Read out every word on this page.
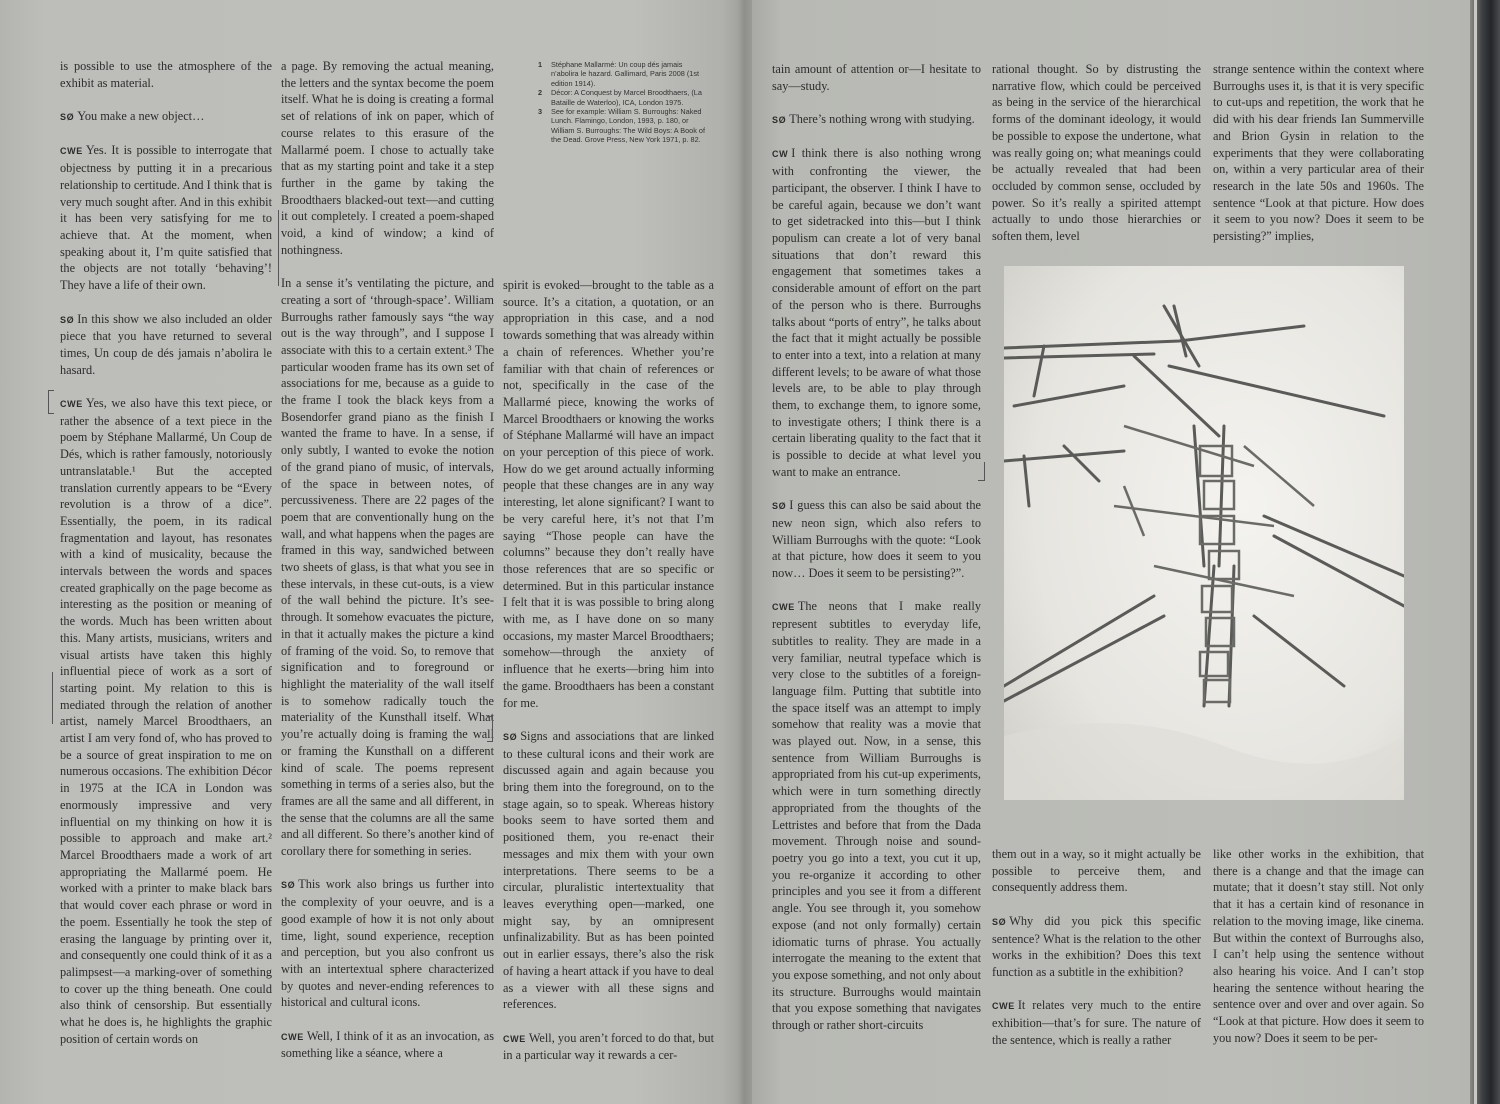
is possible to use the atmosphere of the exhibit as material.

SØ You make a new object…

CWE Yes. It is possible to interrogate that objectness by putting it in a precarious relationship to certitude. And I think that is very much sought after. And in this exhibit it has been very satisfying for me to achieve that. At the moment, when speaking about it, I’m quite satisfied that the objects are not totally ‘behaving’! They have a life of their own.

SØ In this show we also included an older piece that you have returned to several times, Un coup de dés jamais n’abolira le hasard.

CWE Yes, we also have this text piece, or rather the absence of a text piece in the poem by Stéphane Mallarmé, Un Coup de Dés, which is rather famously, notoriously untranslatable.¹ But the accepted translation currently appears to be “Every revolution is a throw of a dice”. Essentially, the poem, in its radical fragmentation and layout, has resonates with a kind of musicality, because the intervals between the words and spaces created graphically on the page become as interesting as the position or meaning of the words. Much has been written about this. Many artists, musicians, writers and visual artists have taken this highly influential piece of work as a sort of starting point. My relation to this is mediated through the relation of another artist, namely Marcel Broodthaers, an artist I am very fond of, who has proved to be a source of great inspiration to me on numerous occasions. The exhibition Décor in 1975 at the ICA in London was enormously impressive and very influential on my thinking on how it is possible to approach and make art.² Marcel Broodthaers made a work of art appropriating the Mallarmé poem. He worked with a printer to make black bars that would cover each phrase or word in the poem. Essentially he took the step of erasing the language by printing over it, and consequently one could think of it as a palimpsest—a marking-over of something to cover up the thing beneath. One could also think of censorship. But essentially what he does is, he highlights the graphic position of certain words on

a page. By removing the actual meaning, the letters and the syntax become the poem itself. What he is doing is creating a formal set of relations of ink on paper, which of course relates to this erasure of the Mallarmé poem. I chose to actually take that as my starting point and take it a step further in the game by taking the Broodthaers blacked-out text—and cutting it out completely. I created a poem-shaped void, a kind of window; a kind of nothingness.

In a sense it’s ventilating the picture, and creating a sort of ‘through-space’. William Burroughs rather famously says “the way out is the way through”, and I suppose I associate with this to a certain extent.³ The particular wooden frame has its own set of associations for me, because as a guide to the frame I took the black keys from a Bosendorfer grand piano as the finish I wanted the frame to have. In a sense, if only subtly, I wanted to evoke the notion of the grand piano of music, of intervals, of the space in between notes, of percussiveness. There are 22 pages of the poem that are conventionally hung on the wall, and what happens when the pages are framed in this way, sandwiched between two sheets of glass, is that what you see in these intervals, in these cut-outs, is a view of the wall behind the picture. It’s see-through. It somehow evacuates the picture, in that it actually makes the picture a kind of framing of the void. So, to remove that signification and to foreground or highlight the materiality of the wall itself is to somehow radically touch the materiality of the Kunsthall itself. What you’re actually doing is framing the wall or framing the Kunsthall on a different kind of scale. The poems represent something in terms of a series also, but the frames are all the same and all different, in the sense that the columns are all the same and all different. So there’s another kind of corollary there for something in series.

SØ This work also brings us further into the complexity of your oeuvre, and is a good example of how it is not only about time, light, sound experience, reception and perception, but you also confront us with an intertextual sphere characterized by quotes and never-ending references to historical and cultural icons.

CWE Well, I think of it as an invocation, as something like a séance, where a

spirit is evoked—brought to the table as a source. It’s a citation, a quotation, or an appropriation in this case, and a nod towards something that was already within a chain of references. Whether you’re familiar with that chain of references or not, specifically in the case of the Mallarmé piece, knowing the works of Marcel Broodthaers or knowing the works of Stéphane Mallarmé will have an impact on your perception of this piece of work. How do we get around actually informing people that these changes are in any way interesting, let alone significant? I want to be very careful here, it’s not that I’m saying “Those people can have the columns” because they don’t really have those references that are so specific or determined. But in this particular instance I felt that it is was possible to bring along with me, as I have done on so many occasions, my master Marcel Broodthaers; somehow—through the anxiety of influence that he exerts—bring him into the game. Broodthaers has been a constant for me.

SØ Signs and associations that are linked to these cultural icons and their work are discussed again and again because you bring them into the foreground, on to the stage again, so to speak. Whereas history books seem to have sorted them and positioned them, you re-enact their messages and mix them with your own interpretations. There seems to be a circular, pluralistic intertextuality that leaves everything open—marked, one might say, by an omnipresent unfinalizability. But as has been pointed out in earlier essays, there’s also the risk of having a heart attack if you have to deal as a viewer with all these signs and references.

CWE Well, you aren’t forced to do that, but in a particular way it rewards a cer-

1	Stéphane Mallarmé: Un coup dés jamais n’abolira le hazard. Gallimard, Paris 2008 (1st edition 1914).
2	Décor: A Conquest by Marcel Broodthaers, (La Bataille de Waterloo), ICA, London 1975.
3	See for example: William S. Burroughs: Naked Lunch. Flamingo, London, 1993, p. 180, or William S. Burroughs: The Wild Boys: A Book of the Dead. Grove Press, New York 1971, p. 82.

tain amount of attention or—I hesitate to say—study.

SØ There’s nothing wrong with studying.

CW I think there is also nothing wrong with confronting the viewer, the participant, the observer. I think I have to be careful again, because we don’t want to get sidetracked into this—but I think populism can create a lot of very banal situations that don’t reward this engagement that sometimes takes a considerable amount of effort on the part of the person who is there. Burroughs talks about “ports of entry”, he talks about the fact that it might actually be possible to enter into a text, into a relation at many different levels; to be aware of what those levels are, to be able to play through them, to exchange them, to ignore some, to investigate others; I think there is a certain liberating quality to the fact that it is possible to decide at what level you want to make an entrance.

SØ I guess this can also be said about the new neon sign, which also refers to William Burroughs with the quote: “Look at that picture, how does it seem to you now… Does it seem to be persisting?”.

CWE The neons that I make really represent subtitles to everyday life, subtitles to reality. They are made in a very familiar, neutral typeface which is very close to the subtitles of a foreign-language film. Putting that subtitle into the space itself was an attempt to imply somehow that reality was a movie that was played out. Now, in a sense, this sentence from William Burroughs is appropriated from his cut-up experiments, which were in turn something directly appropriated from the thoughts of the Lettristes and before that from the Dada movement. Through noise and sound-poetry you go into a text, you cut it up, you re-organize it according to other principles and you see it from a different angle. You see through it, you somehow expose (and not only formally) certain idiomatic turns of phrase. You actually interrogate the meaning to the extent that you expose something, and not only about its structure. Burroughs would maintain that you expose something that navigates through or rather short-circuits

rational thought. So by distrusting the narrative flow, which could be perceived as being in the service of the hierarchical forms of the dominant ideology, it would be possible to expose the undertone, what was really going on; what meanings could be actually revealed that had been occluded by common sense, occluded by power. So it’s really a spirited attempt actually to undo those hierarchies or soften them, level

strange sentence within the context where Burroughs uses it, is that it is very specific to cut-ups and repetition, the work that he did with his dear friends Ian Summerville and Brion Gysin in relation to the experiments that they were collaborating on, within a very particular area of their research in the late 50s and 1960s. The sentence “Look at that picture. How does it seem to you now? Does it seem to be persisting?” implies,

them out in a way, so it might actually be possible to perceive them, and consequently address them.

SØ Why did you pick this specific sentence? What is the relation to the other works in the exhibition? Does this text function as a subtitle in the exhibition?

CWE It relates very much to the entire exhibition—that’s for sure. The nature of the sentence, which is really a rather

like other works in the exhibition, that there is a change and that the image can mutate; that it doesn’t stay still. Not only that it has a certain kind of resonance in relation to the moving image, like cinema. But within the context of Burroughs also, I can’t help using the sentence without also hearing his voice. And I can’t stop hearing the sentence without hearing the sentence over and over and over again. So “Look at that picture. How does it seem to you now? Does it seem to be per-
